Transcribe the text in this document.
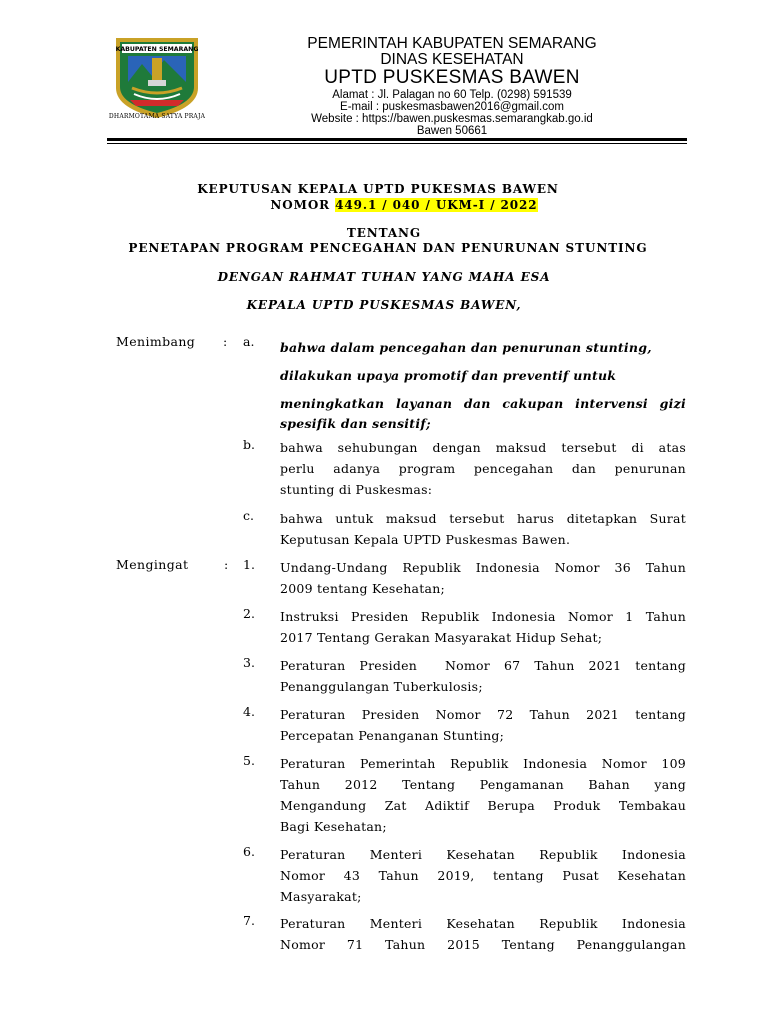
KABUPATEN SEMARANG
DHARMOTAMA SATYA PRAJA
PEMERINTAH KABUPATEN SEMARANG
DINAS KESEHATAN
UPTD PUSKESMAS BAWEN
Alamat : Jl. Palagan no 60 Telp. (0298) 591539
E-mail : puskesmasbawen2016@gmail.com
Website : https://bawen.puskesmas.semarangkab.go.id
Bawen 50661
KEPUTUSAN KEPALA UPTD PUKESMAS BAWEN
NOMOR 449.1 / 040 / UKM-I / 2022
TENTANG
PENETAPAN PROGRAM PENCEGAHAN DAN PENURUNAN STUNTING
DENGAN RAHMAT TUHAN YANG MAHA ESA
KEPALA UPTD PUSKESMAS BAWEN,
Menimbang : a. bahwa dalam pencegahan dan penurunan stunting,
dilakukan upaya promotif dan preventif untuk
meningkatkan layanan dan cakupan intervensi gizi
spesifik dan sensitif;
b. bahwa sehubungan dengan maksud tersebut di atas
perlu adanya program pencegahan dan penurunan
stunting di Puskesmas:
c. bahwa untuk maksud tersebut harus ditetapkan Surat
Keputusan Kepala UPTD Puskesmas Bawen.
Mengingat	: 1. Undang-Undang Republik Indonesia Nomor 36 Tahun
2009 tentang Kesehatan;
2. Instruksi Presiden Republik Indonesia Nomor 1 Tahun
2017 Tentang Gerakan Masyarakat Hidup Sehat;
3. Peraturan Presiden  Nomor 67 Tahun 2021 tentang
Penanggulangan Tuberkulosis;
4. Peraturan Presiden Nomor 72 Tahun 2021 tentang
Percepatan Penanganan Stunting;
5. Peraturan Pemerintah Republik Indonesia Nomor 109
Tahun 2012 Tentang Pengamanan Bahan yang
Mengandung Zat Adiktif Berupa Produk Tembakau
Bagi Kesehatan;
6. Peraturan Menteri Kesehatan Republik Indonesia
Nomor 43 Tahun 2019, tentang Pusat Kesehatan
Masyarakat;
7. Peraturan Menteri Kesehatan Republik Indonesia
Nomor 71 Tahun 2015 Tentang Penanggulangan
